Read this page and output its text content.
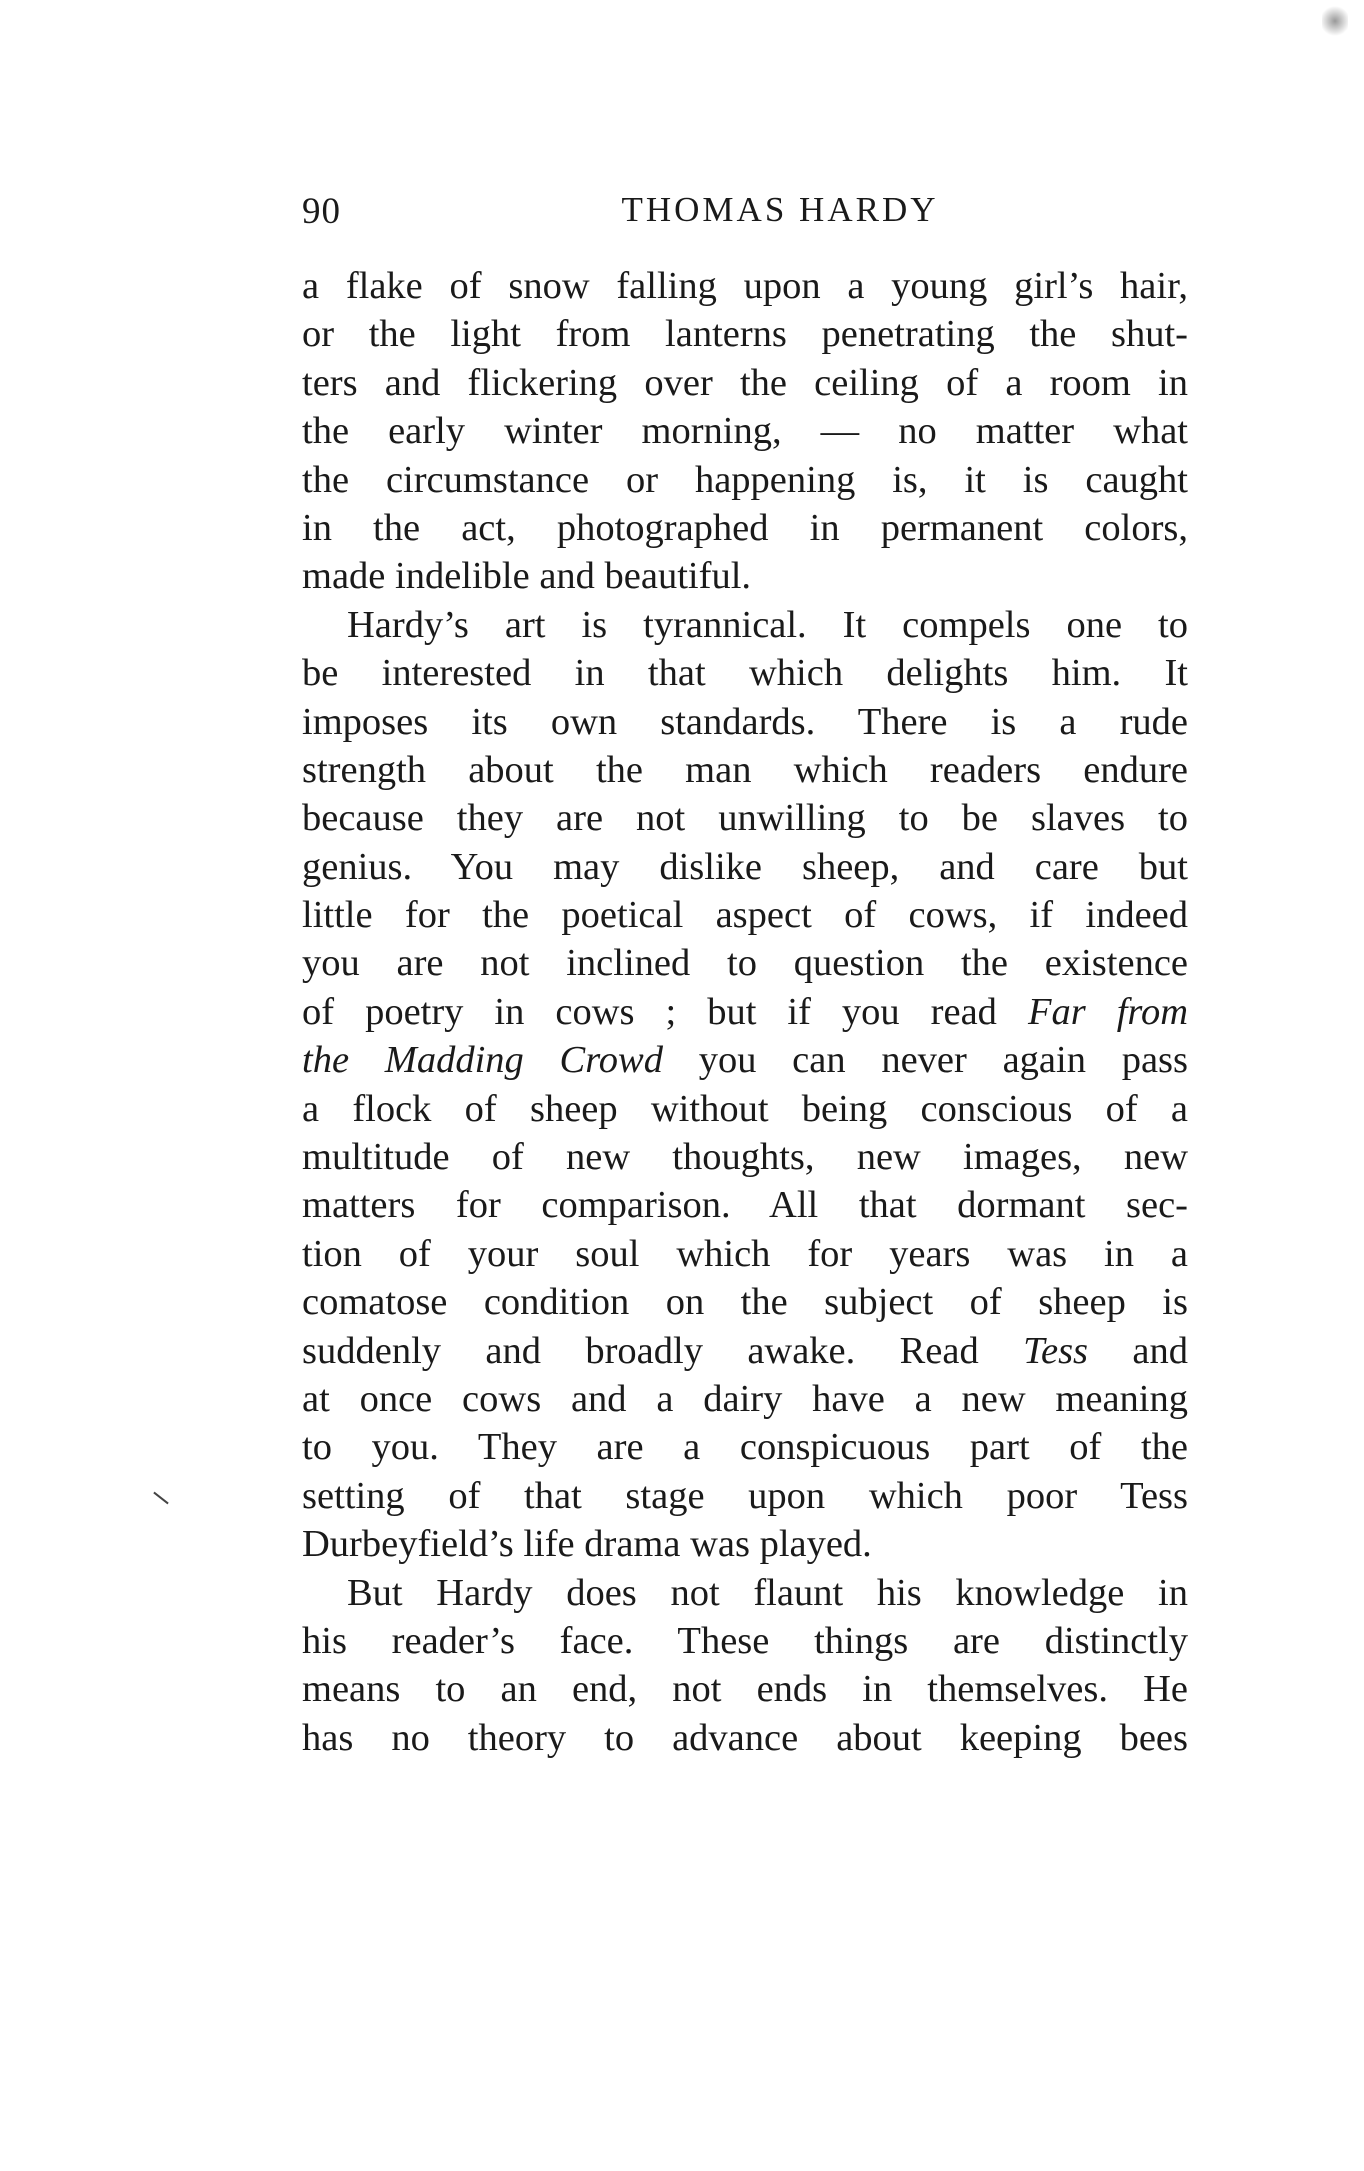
90	THOMAS HARDY
a flake of snow falling upon a young girl’s hair,
or the light from lanterns penetrating the shut-
ters and flickering over the ceiling of a room in
the early winter morning, — no matter what
the circumstance or happening is, it is caught
in the act, photographed in permanent colors,
made indelible and beautiful.
Hardy’s art is tyrannical. It compels one to
be interested in that which delights him. It
imposes its own standards. There is a rude
strength about the man which readers endure
because they are not unwilling to be slaves to
genius. You may dislike sheep, and care but
little for the poetical aspect of cows, if indeed
you are not inclined to question the existence
of poetry in cows ; but if you read Far from
the Madding Crowd you can never again pass
a flock of sheep without being conscious of a
multitude of new thoughts, new images, new
matters for comparison. All that dormant sec-
tion of your soul which for years was in a
comatose condition on the subject of sheep is
suddenly and broadly awake. Read Tess and
at once cows and a dairy have a new meaning
to you. They are a conspicuous part of the
setting of that stage upon which poor Tess
Durbeyfield’s life drama was played.
But Hardy does not flaunt his knowledge in
his reader’s face. These things are distinctly
means to an end, not ends in themselves. He
has no theory to advance about keeping bees
